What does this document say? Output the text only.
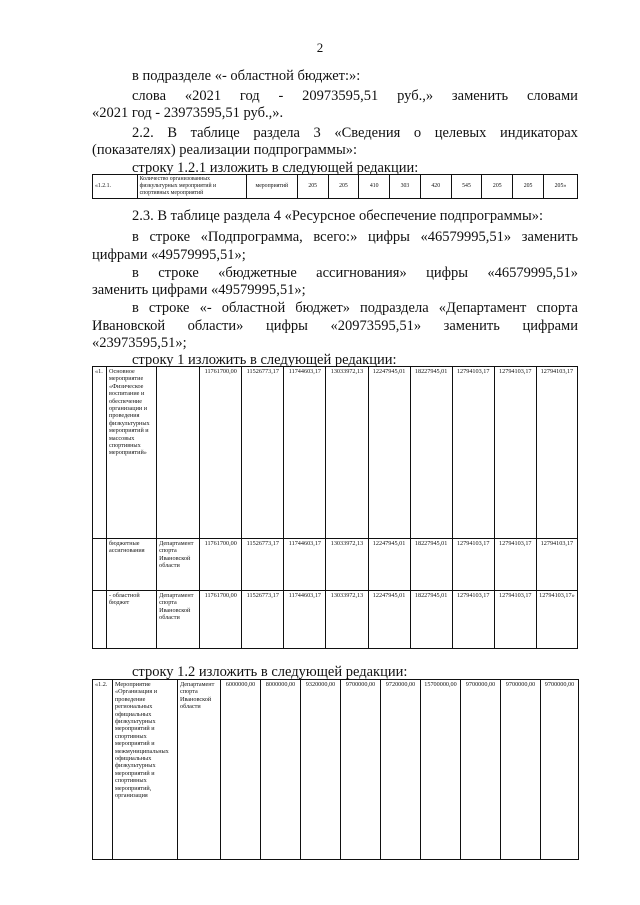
2
в подразделе «- областной бюджет:»:
слова «2021 год - 20973595,51 руб.,» заменить словами
«2021 год - 23973595,51 руб.,».
2.2. В таблице раздела 3 «Сведения о целевых индикаторах
(показателях) реализации подпрограммы»:
строку 1.2.1 изложить в следующей редакции:
«1.2.1.	Количество организованных физкультурных мероприятий и спортивных мероприятий	мероприятий	205	205	410	303	420	545	205	205	205»
2.3. В таблице раздела 4 «Ресурсное обеспечение подпрограммы»:
в строке «Подпрограмма, всего:» цифры «46579995,51» заменить
цифрами «49579995,51»;
в строке «бюджетные ассигнования» цифры «46579995,51»
заменить цифрами «49579995,51»;
в строке «- областной бюджет» подраздела «Департамент спорта
Ивановской области» цифры «20973595,51» заменить цифрами
«23973595,51»;
строку 1 изложить в следующей редакции:
«1.	Основное мероприятие «Физическое воспитание и обеспечение организации и проведения физкультурных мероприятий и массовых спортивных мероприятий»		11761700,00	11526773,17	11744603,17	13033972,13	12247945,01	18227945,01	12794103,17	12794103,17	12794103,17
	бюджетные ассигнования	Департамент спорта Ивановской области	11761700,00	11526773,17	11744603,17	13033972,13	12247945,01	18227945,01	12794103,17	12794103,17	12794103,17
	- областной бюджет	Департамент спорта Ивановской области	11761700,00	11526773,17	11744603,17	13033972,13	12247945,01	18227945,01	12794103,17	12794103,17	12794103,17»
строку 1.2 изложить в следующей редакции:
«1.2.	Мероприятие «Организация и проведение региональных официальных физкультурных мероприятий и спортивных мероприятий и межмуниципальных официальных физкультурных мероприятий и спортивных мероприятий, организация	Департамент спорта Ивановской области	6000000,00	8000000,00	9320000,00	9700000,00	9720000,00	15700000,00	9700000,00	9700000,00	9700000,00
